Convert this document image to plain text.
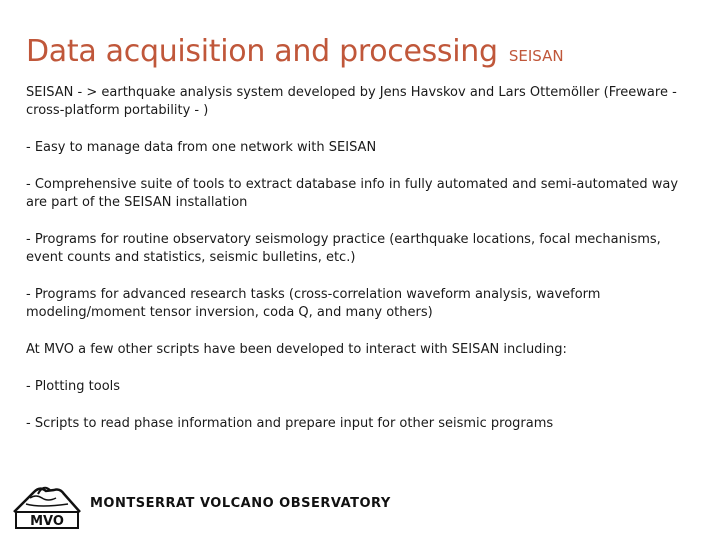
Data acquisition and processing SEISAN

SEISAN - > earthquake analysis system developed by Jens Havskov and Lars Ottemöller (Freeware - cross-platform portability - )

- Easy to manage data from one network with SEISAN

- Comprehensive suite of tools to extract database info in fully automated and semi-automated way are part of the SEISAN installation

- Programs for routine observatory seismology practice (earthquake locations, focal mechanisms, event counts and statistics, seismic bulletins, etc.)

- Programs for advanced research tasks (cross-correlation waveform analysis, waveform modeling/moment tensor inversion, coda Q, and many others)

At MVO a few other scripts have been developed to interact with SEISAN including:

- Plotting tools

- Scripts to read phase information and prepare input for other seismic programs

MVO
MONTSERRAT VOLCANO OBSERVATORY
